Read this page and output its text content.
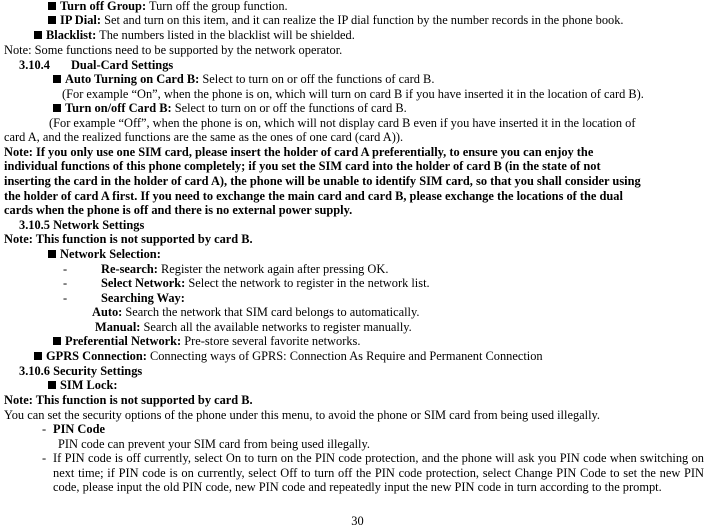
Turn off Group: Turn off the group function.
IP Dial: Set and turn on this item, and it can realize the IP dial function by the number records in the phone book.
Blacklist: The numbers listed in the blacklist will be shielded.
Note: Some functions need to be supported by the network operator.
3.10.4 Dual-Card Settings
Auto Turning on Card B: Select to turn on or off the functions of card B.
(For example “On”, when the phone is on, which will turn on card B if you have inserted it in the location of card B).
Turn on/off Card B: Select to turn on or off the functions of card B.
(For example “Off”, when the phone is on, which will not display card B even if you have inserted it in the location of
card A, and the realized functions are the same as the ones of one card (card A)).
Note: If you only use one SIM card, please insert the holder of card A preferentially, to ensure you can enjoy the
individual functions of this phone completely; if you set the SIM card into the holder of card B (in the state of not
inserting the card in the holder of card A), the phone will be unable to identify SIM card, so that you shall consider using
the holder of card A first. If you need to exchange the main card and card B, please exchange the locations of the dual
cards when the phone is off and there is no external power supply.
3.10.5 Network Settings
Note: This function is not supported by card B.
Network Selection:
-	Re-search: Register the network again after pressing OK.
-	Select Network: Select the network to register in the network list.
-	Searching Way:
Auto: Search the network that SIM card belongs to automatically.
Manual: Search all the available networks to register manually.
Preferential Network: Pre-store several favorite networks.
GPRS Connection: Connecting ways of GPRS: Connection As Require and Permanent Connection
3.10.6 Security Settings
SIM Lock:
Note: This function is not supported by card B.
You can set the security options of the phone under this menu, to avoid the phone or SIM card from being used illegally.
- PIN Code
PIN code can prevent your SIM card from being used illegally.
- If PIN code is off currently, select On to turn on the PIN code protection, and the phone will ask you PIN code when switching on next time; if PIN code is on currently, select Off to turn off the PIN code protection, select Change PIN Code to set the new PIN code, please input the old PIN code, new PIN code and repeatedly input the new PIN code in turn according to the prompt.
30
